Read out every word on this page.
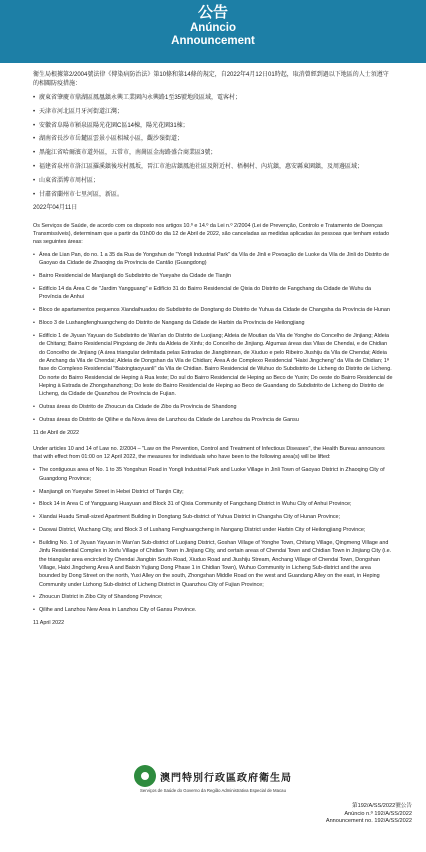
公告
Anúncio
Announcement

衛生局根據第2/2004號法律《傳染病防治法》第10條和第14條的規定，自2022年4月12日01時起，取消曾經到過以下地區的人士須遵守的相關防疫措施：

• 廣東省肇慶市鼎湖區鳳凰鎮永興工業園內永興路1至35號地段區域，電客村；

• 天津市河北區月牙河街道江灣；

• 安徽省阜陽市潁泉區陽光花園C區14棟，陽光花園31棟；

• 湖南省長沙市岳麓區雲景小區相城小區，觀沙嶺街道；

• 黑龍江省哈爾濱市道外區，五常市，南崗區金海路盛合商業區3號；

• 福建省泉州市洛江區羅溪鎮後垵村鳳坂，晉江市池店鎮鳳池社區及附近村、梧桐村、內坑鎮，惠安縣東園鎮，及周邊區域；

• 山東省淄博市周村區；

• 甘肅省蘭州市七里河區，新區。

2022年04月11日

Os Serviços de Saúde, de acordo com os disposto nos artigos 10.º e 14.º da Lei n.º 2/2004 (Lei de Prevenção, Controlo e Tratamento de Doenças Transmissíveis), determinam que a partir da 01h00 do dia 12 de Abril de 2022, são canceladas as medidas aplicadas às pessoas que tenham estado nas seguintes áreas:

• Área de Lian Pan, do no. 1 a 35 da Rua de Yongshun de "Yongli Industrial Park" da Vila de Jinli e Povoação de Luoke da Vila de Jinli do Distrito de Gaoyao da Cidade de Zhaoqing da Província de Cantão (Guangdong)

• Bairro Residencial de Manjiangli do Subdistrito de Yueyahe da Cidade de Tianjin

• Edifício 14 da Área C de "Jardim Yangguang" e Edifício 31 do Bairro Residencial de Qixia do Distrito de Fangchang da Cidade de Wuhu da Província de Anhui

• Bloco de apartamentos pequenos Xiandaihuadou do Subdistrito de Dongtang do Distrito de Yuhua da Cidade de Changsha da Província de Hunan

• Bloco 3 de Lushangfenghuangcheng do Distrito de Nangang da Cidade de Harbin da Província de Heilongjiang

• Edifício 1 de Jiyuan Yayuan do Subdistrito de Wan'an do Distrito de Luojiang; Aldeia de Moutian da Vila de Yonghe do Concelho de Jinjiang; Aldeia de Chitang; Bairro Residencial Pingxiang de Jinfu da Aldeia de Xinfu; do Concelho de Jinjiang. Algumas áreas das Vilas de Chendai, e de Chidian do Concelho de Jinjiang (A área triangular delimitada pelas Estradas de Jiangbinnan, de Xiuduo e pelo Ribeiro Jiushiju da Vila de Chendai; Aldeia de Anchang da Vila de Chendai; Aldeia de Dongshan da Vila de Chidian; Área A de Complexo Residencial "Haixi Jingcheng" da Vila de Chidian; 1ª fase do Complexo Residencial "Baixingtaoyuanli" da Vila de Chidian. Bairro Residencial de Wuhuo do Subdistrito de Licheng do Distrito de Licheng. Do norte do Bairro Residencial de Heping à Rua leste; Do sul do Bairro Residencial de Heping ao Beco de Yuxin; Do oeste do Bairro Residencial de Heping à Estrada de Zhongshanzhong; Do leste do Bairro Residencial de Heping ao Beco de Guandang do Subdistrito de Licheng do Distrito de Licheng, da Cidade de Quanzhou de Província de Fujian.

• Outras áreas do Distrito de Zhoucun da Cidade de Zibo da Província de Shandong

• Outras áreas do Distrito de Qilihe e da Nova área de Lanzhou da Cidade de Lanzhou da Província de Gansu

11 de Abril de 2022

Under articles 10 and 14 of Law no. 2/2004 – "Law on the Prevention, Control and Treatment of Infectious Diseases", the Health Bureau announces that with effect from 01:00 on 12 April 2022, the measures for individuals who have been to the following area(s) will be lifted:

• The contiguous area of No. 1 to 35 Yongshun Road in Yongli Industrial Park and Luoke Village in Jinli Town of Gaoyao District in Zhaoqing City of Guangdong Province;

• Manjiangli on Yueyahe Street in Hebei District of Tianjin City;

• Block 14 in Area C of Yangguang Huayuan and Block 31 of Qixia Community of Fangchang District in Wuhu City of Anhui Province;

• Xiandai Huadu Small-sized Apartment Building in Dongtang Sub-district of Yuhua District in Changsha City of Hunan Province;

• Daowai District, Wuchang City, and Block 3 of Lushang Fenghuangcheng in Nangang District under Harbin City of Heilongjiang Province;

• Building No. 1 of Jiyuan Yayuan in Wan'an Sub-district of Luojiang District, Goshan Village of Yonghe Town, Chitang Village, Qingmeng Village and Jinfu Residential Complex in Xinfu Village of Chidian Town in Jinjiang City, and certain areas of Chendai Town and Chidian Town in Jinjiang City (i.e. the triangular area encircled by Chendai Jiangbin South Road, Xiuduo Road and Jiushiju Stream, Anchang Village of Chendai Town, Dongshan Village, Haixi Jingcheng Area A and Baixin Yujiang Dong Phase 1 in Chidian Town), Wuhuo Community in Licheng Sub-district and the area bounded by Dong Street on the north, Yuxi Alley on the south, Zhongshan Middle Road on the west and Guandang Alley on the east, in Heping Community under Lizhong Sub-district of Licheng District in Quanzhou City of Fujian Province;

• Zhoucun District in Zibo City of Shandong Province;

• Qilihe and Lanzhou New Area in Lanzhou City of Gansu Province.

11 April 2022

澳門特別行政區政府衛生局
Serviços de Saúde do Governo da Região Administrativa Especial de Macau
第192/A/SS/2022號公告
Anúncio n.º 192/A/SS/2022
Announcement no. 192/A/SS/2022
